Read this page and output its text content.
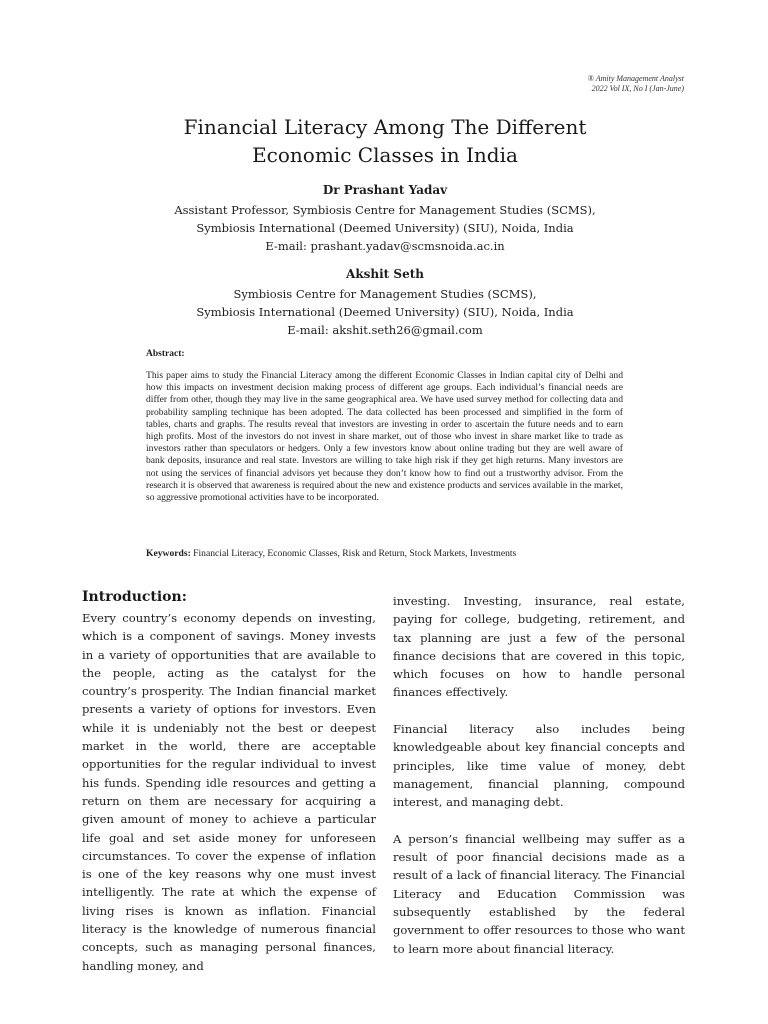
® Amity Management Analyst
2022 Vol IX, No I (Jan-June)
Financial Literacy Among The Different
Economic Classes in India
Dr Prashant Yadav
Assistant Professor, Symbiosis Centre for Management Studies (SCMS),
Symbiosis International (Deemed University) (SIU), Noida, India
E-mail: prashant.yadav@scmsnoida.ac.in
Akshit Seth
Symbiosis Centre for Management Studies (SCMS),
Symbiosis International (Deemed University) (SIU), Noida, India
E-mail: akshit.seth26@gmail.com
Abstract:
This paper aims to study the Financial Literacy among the different Economic Classes in Indian capital city of Delhi and how this impacts on investment decision making process of different age groups. Each individual’s financial needs are differ from other, though they may live in the same geographical area. We have used survey method for collecting data and probability sampling technique has been adopted. The data collected has been processed and simplified in the form of tables, charts and graphs. The results reveal that investors are investing in order to ascertain the future needs and to earn high profits. Most of the investors do not invest in share market, out of those who invest in share market like to trade as investors rather than speculators or hedgers. Only a few investors know about online trading but they are well aware of bank deposits, insurance and real state. Investors are willing to take high risk if they get high returns. Many investors are not using the services of financial advisors yet because they don’t know how to find out a trustworthy advisor. From the research it is observed that awareness is required about the new and existence products and services available in the market, so aggressive promotional activities have to be incorporated.
Keywords: Financial Literacy, Economic Classes, Risk and Return, Stock Markets, Investments
Introduction:

Every country’s economy depends on investing, which is a component of savings. Money invests in a variety of opportunities that are available to the people, acting as the catalyst for the country’s prosperity. The Indian financial market presents a variety of options for investors. Even while it is undeniably not the best or deepest market in the world, there are acceptable opportunities for the regular individual to invest his funds. Spending idle resources and getting a return on them are necessary for acquiring a given amount of money to achieve a particular life goal and set aside money for unforeseen circumstances. To cover the expense of inflation is one of the key reasons why one must invest intelligently. The rate at which the expense of living rises is known as inflation. Financial literacy is the knowledge of numerous financial concepts, such as managing personal finances, handling money, and

investing. Investing, insurance, real estate, paying for college, budgeting, retirement, and tax planning are just a few of the personal finance decisions that are covered in this topic, which focuses on how to handle personal finances effectively.

Financial literacy also includes being knowledgeable about key financial concepts and principles, like time value of money, debt management, financial planning, compound interest, and managing debt.

A person’s financial wellbeing may suffer as a result of poor financial decisions made as a result of a lack of financial literacy. The Financial Literacy and Education Commission was subsequently established by the federal government to offer resources to those who want to learn more about financial literacy.
